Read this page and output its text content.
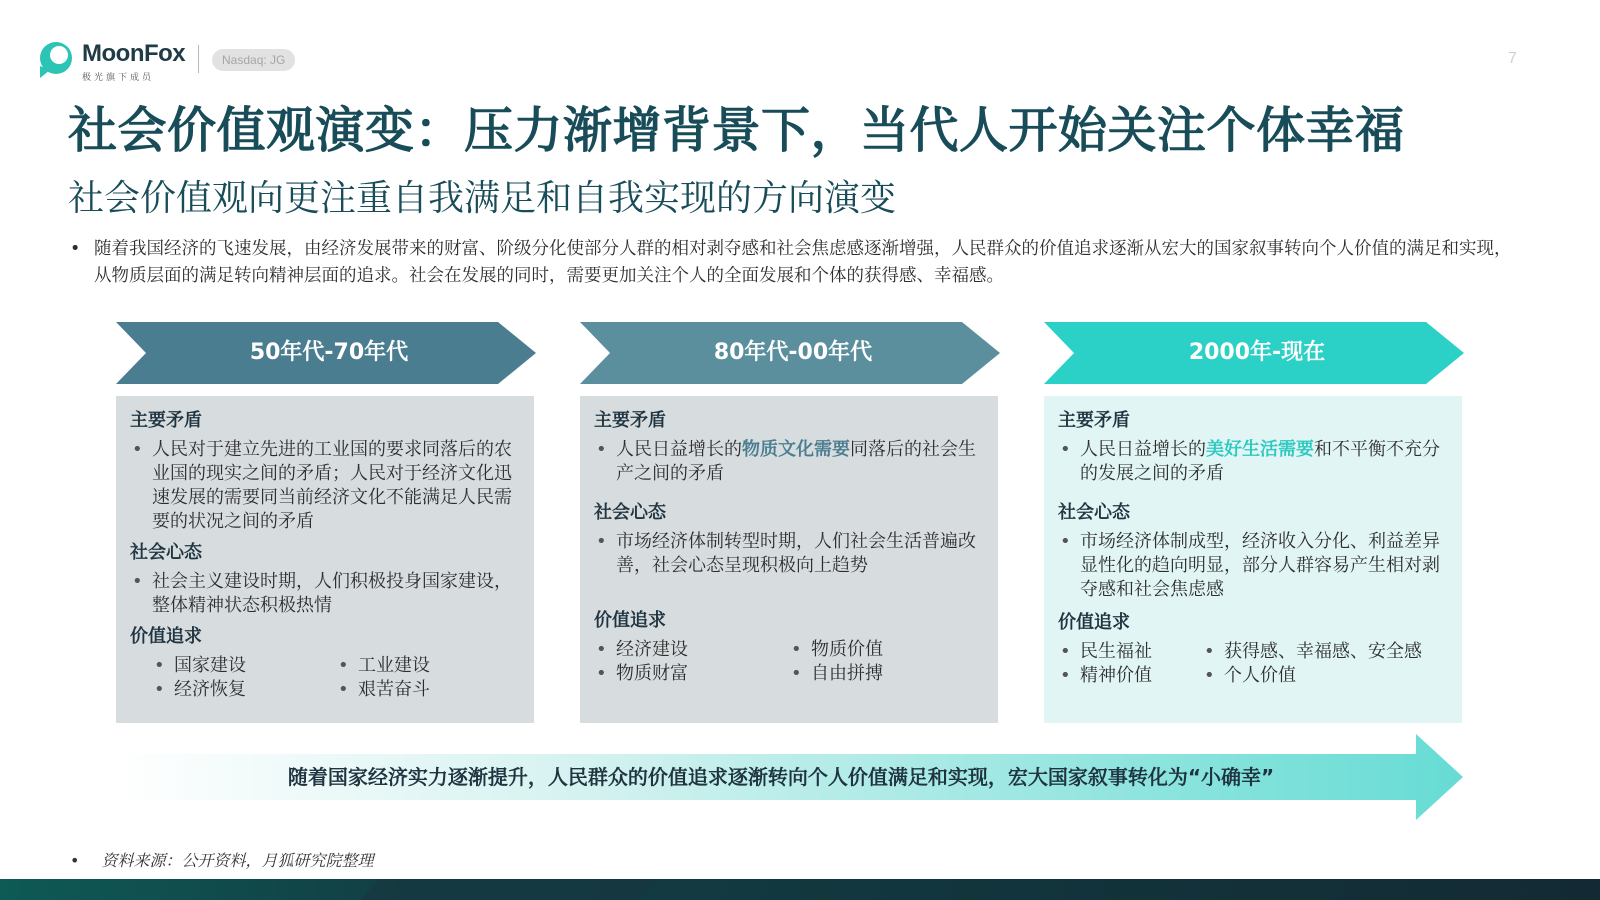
MoonFox
极光旗下成员
Nasdaq: JG	7
社会价值观演变：压力渐增背景下，当代人开始关注个体幸福
社会价值观向更注重自我满足和自我实现的方向演变
• 随着我国经济的飞速发展，由经济发展带来的财富、阶级分化使部分人群的相对剥夺感和社会焦虑感逐渐增强，人民群众的价值追求逐渐从宏大的国家叙事转向个人价值的满足和实现，从物质层面的满足转向精神层面的追求。社会在发展的同时，需要更加关注个人的全面发展和个体的获得感、幸福感。
50年代-70年代
主要矛盾
• 人民对于建立先进的工业国的要求同落后的农业国的现实之间的矛盾；人民对于经济文化迅速发展的需要同当前经济文化不能满足人民需要的状况之间的矛盾
社会心态
• 社会主义建设时期，人们积极投身国家建设，整体精神状态积极热情
价值追求
• 国家建设	• 工业建设
• 经济恢复	• 艰苦奋斗
80年代-00年代
主要矛盾
• 人民日益增长的物质文化需要同落后的社会生产之间的矛盾
社会心态
• 市场经济体制转型时期，人们社会生活普遍改善，社会心态呈现积极向上趋势
价值追求
• 经济建设	• 物质价值
• 物质财富	• 自由拼搏
2000年-现在
主要矛盾
• 人民日益增长的美好生活需要和不平衡不充分的发展之间的矛盾
社会心态
• 市场经济体制成型，经济收入分化、利益差异显性化的趋向明显，部分人群容易产生相对剥夺感和社会焦虑感
价值追求
• 民生福祉	• 获得感、幸福感、安全感
• 精神价值	• 个人价值
随着国家经济实力逐渐提升，人民群众的价值追求逐渐转向个人价值满足和实现，宏大国家叙事转化为“小确幸”
• 资料来源：公开资料，月狐研究院整理
